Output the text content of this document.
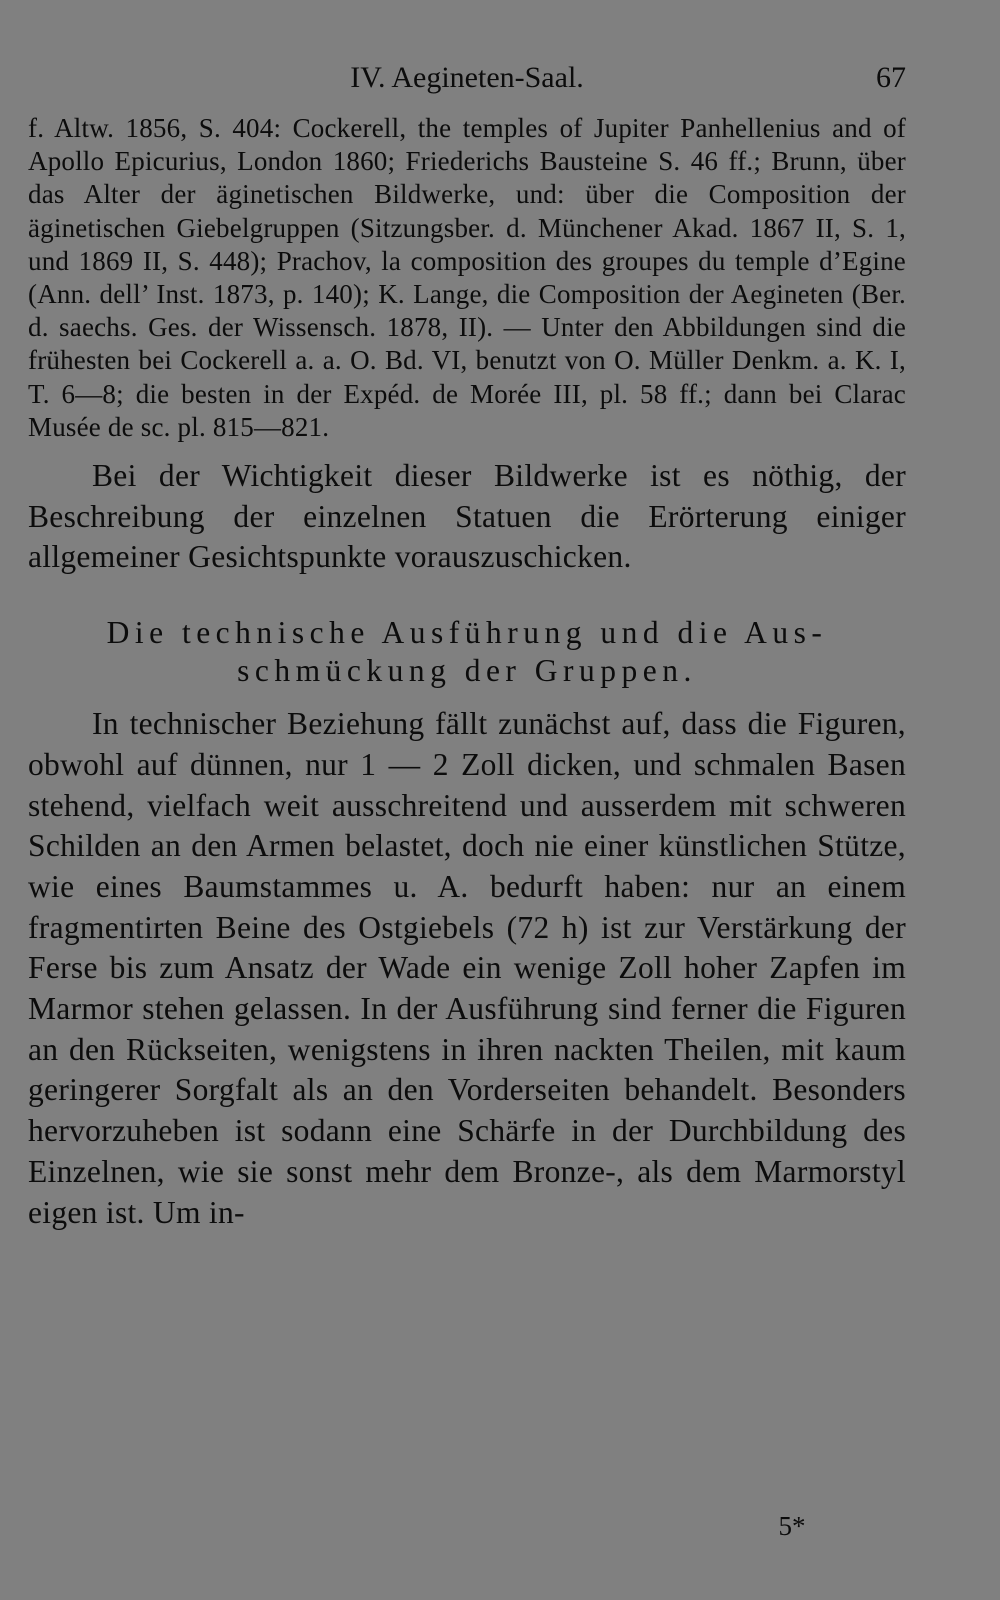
IV. Aegineten-Saal.	67

f. Altw. 1856, S. 404: Cockerell, the temples of Jupiter Panhellenius and of Apollo Epicurius, London 1860; Friederichs Bausteine S. 46 ff.; Brunn, über das Alter der äginetischen Bildwerke, und: über die Composition der äginetischen Giebelgruppen (Sitzungsber. d. Münchener Akad. 1867 II, S. 1, und 1869 II, S. 448); Prachov, la composition des groupes du temple d’Egine (Ann. dell’ Inst. 1873, p. 140); K. Lange, die Composition der Aegineten (Ber. d. saechs. Ges. der Wissensch. 1878, II). — Unter den Abbildungen sind die frühesten bei Cockerell a. a. O. Bd. VI, benutzt von O. Müller Denkm. a. K. I, T. 6—8; die besten in der Expéd. de Morée III, pl. 58 ff.; dann bei Clarac Musée de sc. pl. 815—821.

Bei der Wichtigkeit dieser Bildwerke ist es nöthig, der Beschreibung der einzelnen Statuen die Erörterung einiger allgemeiner Gesichtspunkte vorauszuschicken.

Die technische Ausführung und die Aus-
schmückung der Gruppen.

In technischer Beziehung fällt zunächst auf, dass die Figuren, obwohl auf dünnen, nur 1 — 2 Zoll dicken, und schmalen Basen stehend, vielfach weit ausschreitend und ausserdem mit schweren Schilden an den Armen belastet, doch nie einer künstlichen Stütze, wie eines Baumstammes u. A. bedurft haben: nur an einem fragmentirten Beine des Ostgiebels (72 h) ist zur Verstärkung der Ferse bis zum Ansatz der Wade ein wenige Zoll hoher Zapfen im Marmor stehen gelassen. In der Ausführung sind ferner die Figuren an den Rückseiten, wenigstens in ihren nackten Theilen, mit kaum geringerer Sorgfalt als an den Vorderseiten behandelt. Besonders hervorzuheben ist sodann eine Schärfe in der Durchbildung des Einzelnen, wie sie sonst mehr dem Bronze-, als dem Marmorstyl eigen ist. Um in-

5*
